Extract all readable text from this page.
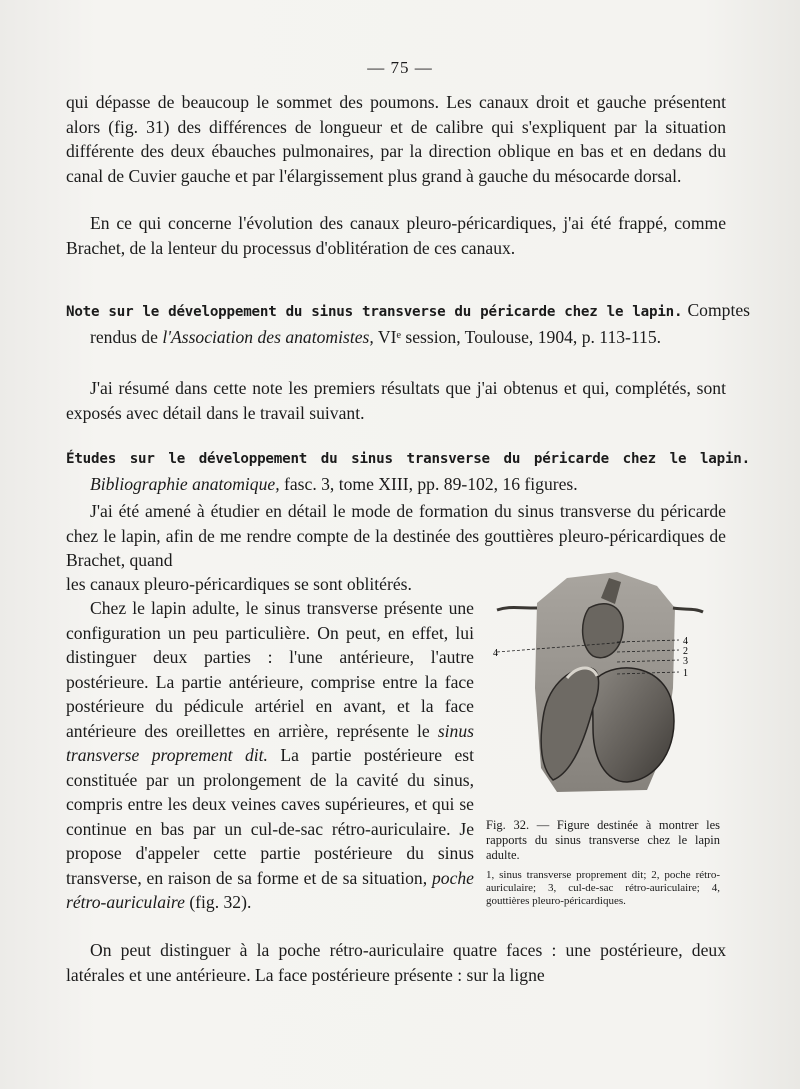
— 75 —

qui dépasse de beaucoup le sommet des poumons. Les canaux droit et gauche présentent alors (fig. 31) des différences de longueur et de calibre qui s'expliquent par la situation différente des deux ébauches pulmonaires, par la direction oblique en bas et en dedans du canal de Cuvier gauche et par l'élargissement plus grand à gauche du mésocarde dorsal.

En ce qui concerne l'évolution des canaux pleuro-péricardiques, j'ai été frappé, comme Brachet, de la lenteur du processus d'oblitération de ces canaux.

Note sur le développement du sinus transverse du péricarde chez le lapin. Comptes rendus de l'Association des anatomistes, VIᵉ session, Toulouse, 1904, p. 113-115.

J'ai résumé dans cette note les premiers résultats que j'ai obtenus et qui, complétés, sont exposés avec détail dans le travail suivant.

Études sur le développement du sinus transverse du péricarde chez le lapin. Bibliographie anatomique, fasc. 3, tome XIII, pp. 89-102, 16 figures.

J'ai été amené à étudier en détail le mode de formation du sinus transverse du péricarde chez le lapin, afin de me rendre compte de la destinée des gouttières pleuro-péricardiques de Brachet, quand

les canaux pleuro-péricardiques se sont oblitérés.

Chez le lapin adulte, le sinus transverse présente une configuration un peu particulière. On peut, en effet, lui distinguer deux parties : l'une antérieure, l'autre postérieure. La partie antérieure, comprise entre la face postérieure du pédicule artériel en avant, et la face antérieure des oreillettes en arrière, représente le sinus transverse proprement dit. La partie postérieure est constituée par un prolongement de la cavité du sinus, compris entre les deux veines caves supérieures, et qui se continue en bas par un cul-de-sac rétro-auriculaire. Je propose d'appeler cette partie postérieure du sinus transverse, en raison de sa forme et de sa situation, poche rétro-auriculaire (fig. 32).

4
4
2
3
1
Fig. 32. — Figure destinée à montrer les rapports du sinus transverse chez le lapin adulte.
1, sinus transverse proprement dit; 2, poche rétro-auriculaire; 3, cul-de-sac rétro-auriculaire; 4, gouttières pleuro-péricardiques.

On peut distinguer à la poche rétro-auriculaire quatre faces : une postérieure, deux latérales et une antérieure. La face postérieure présente : sur la ligne
